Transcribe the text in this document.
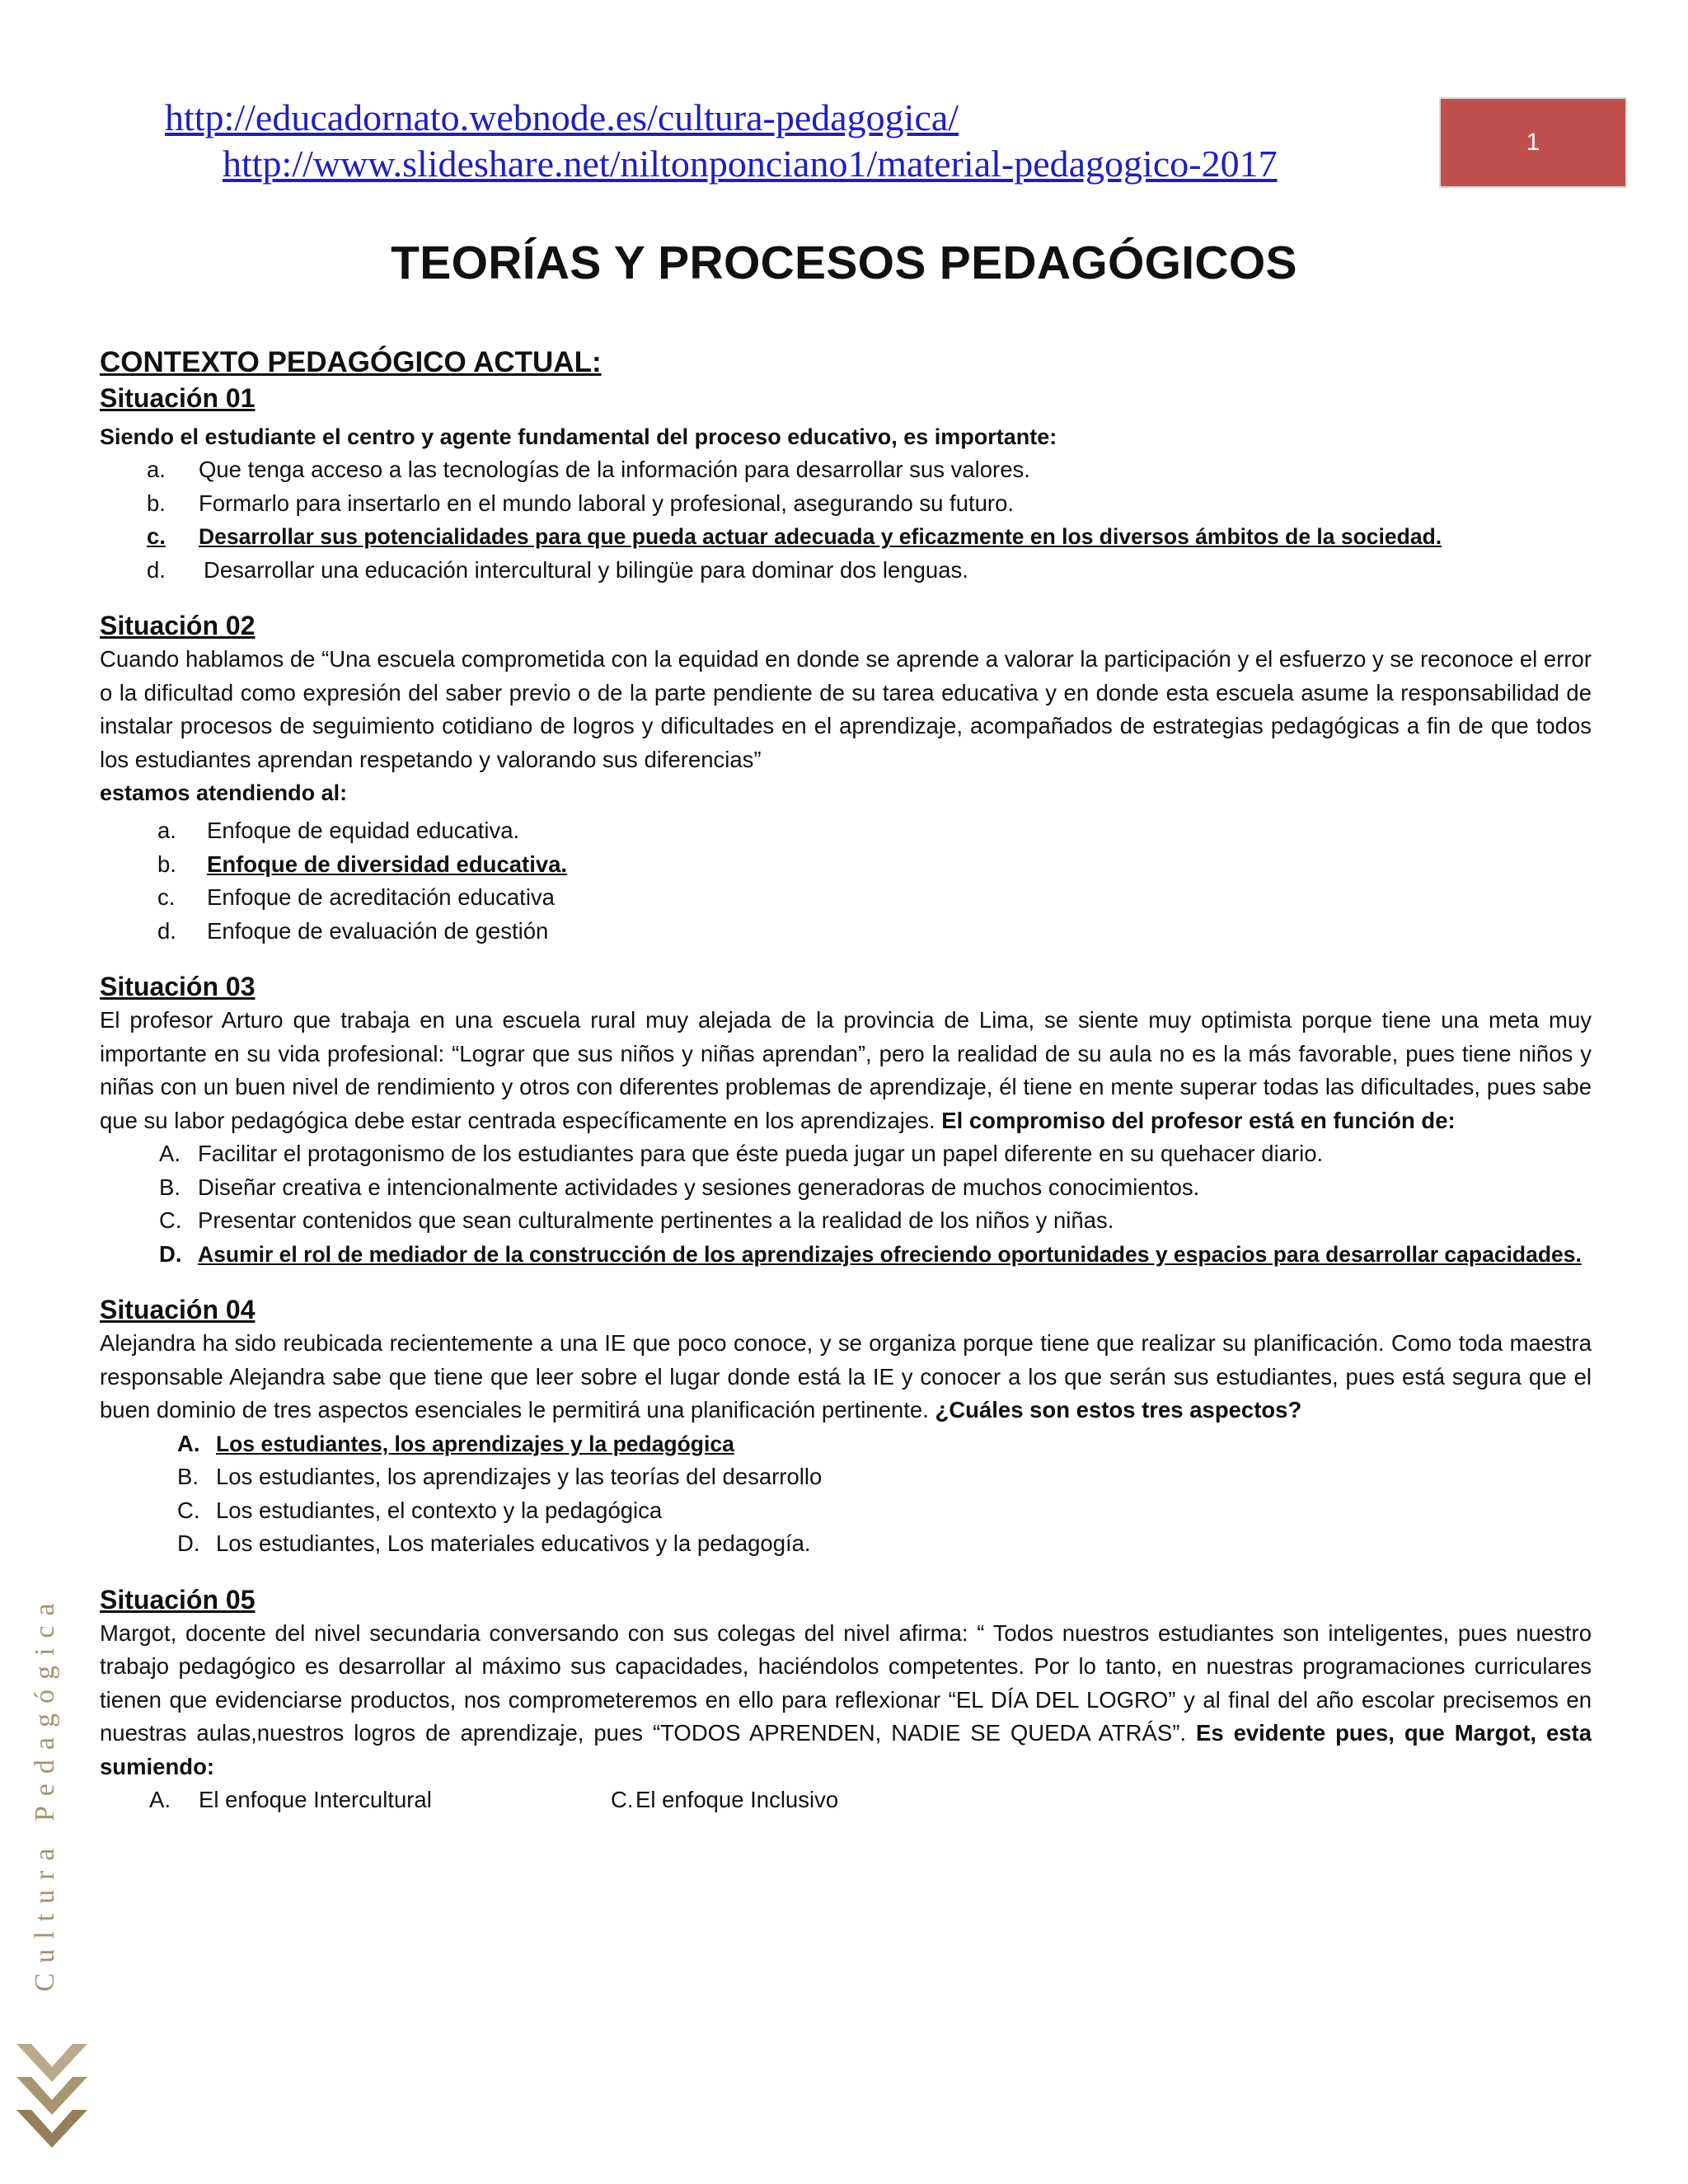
http://educadornato.webnode.es/cultura-pedagogica/
http://www.slideshare.net/niltonponciano1/material-pedagogico-2017
1
TEORÍAS Y PROCESOS PEDAGÓGICOS

CONTEXTO PEDAGÓGICO ACTUAL:

Situación 01

Siendo el estudiante el centro y agente fundamental del proceso educativo, es importante:

a.	Que tenga acceso a las tecnologías de la información para desarrollar sus valores.
b.	Formarlo para insertarlo en el mundo laboral y profesional, asegurando su futuro.
c.	Desarrollar sus potencialidades para que pueda actuar adecuada y eficazmente en los diversos ámbitos de la sociedad.
d.	Desarrollar una educación intercultural y bilingüe para dominar dos lenguas.

Situación 02

Cuando hablamos de “Una escuela comprometida con la equidad en donde se aprende a valorar la participación y el esfuerzo y se reconoce el error o la dificultad como expresión del saber previo o de la parte pendiente de su tarea educativa y en donde esta escuela asume la responsabilidad de instalar procesos de seguimiento cotidiano de logros y dificultades en el aprendizaje, acompañados de estrategias pedagógicas a fin de que todos los estudiantes aprendan respetando y valorando sus diferencias”

estamos atendiendo al:

a.	Enfoque de equidad educativa.
b.	Enfoque de diversidad educativa.
c.	Enfoque de acreditación educativa
d.	Enfoque de evaluación de gestión

Situación 03

El profesor Arturo que trabaja en una escuela rural muy alejada de la provincia de Lima, se siente muy optimista porque tiene una meta muy importante en su vida profesional: “Lograr que sus niños y niñas aprendan”, pero la realidad de su aula no es la más favorable, pues tiene niños y niñas con un buen nivel de rendimiento y otros con diferentes problemas de aprendizaje, él tiene en mente superar todas las dificultades, pues sabe que su labor pedagógica debe estar centrada específicamente en los aprendizajes. El compromiso del profesor está en función de:

A. Facilitar el protagonismo de los estudiantes para que éste pueda jugar un papel diferente en su quehacer diario.
B. Diseñar creativa e intencionalmente actividades y sesiones generadoras de muchos conocimientos.
C. Presentar contenidos que sean culturalmente pertinentes a la realidad de los niños y niñas.
D. Asumir el rol de mediador de la construcción de los aprendizajes ofreciendo oportunidades y espacios para desarrollar capacidades.

Situación 04

Alejandra ha sido reubicada recientemente a una IE que poco conoce, y se organiza porque tiene que realizar su planificación. Como toda maestra responsable Alejandra sabe que tiene que leer sobre el lugar donde está la IE y conocer a los que serán sus estudiantes, pues está segura que el buen dominio de tres aspectos esenciales le permitirá una planificación pertinente. ¿Cuáles son estos tres aspectos?

A. Los estudiantes, los aprendizajes y la pedagógica
B. Los estudiantes, los aprendizajes y las teorías del desarrollo
C. Los estudiantes, el contexto y la pedagógica
D. Los estudiantes, Los materiales educativos y la pedagogía.

Situación 05

Margot, docente del nivel secundaria conversando con sus colegas del nivel afirma: “ Todos nuestros estudiantes son inteligentes, pues nuestro trabajo pedagógico es desarrollar al máximo sus capacidades, haciéndolos competentes. Por lo tanto, en nuestras programaciones curriculares tienen que evidenciarse productos, nos comprometeremos en ello para reflexionar “EL DÍA DEL LOGRO” y al final del año escolar precisemos en nuestras aulas,nuestros logros de aprendizaje, pues “TODOS APRENDEN, NADIE SE QUEDA ATRÁS”. Es evidente pues, que Margot, esta sumiendo:

A.	El enfoque Intercultural	C. El enfoque Inclusivo
Cultura Pedagógica
